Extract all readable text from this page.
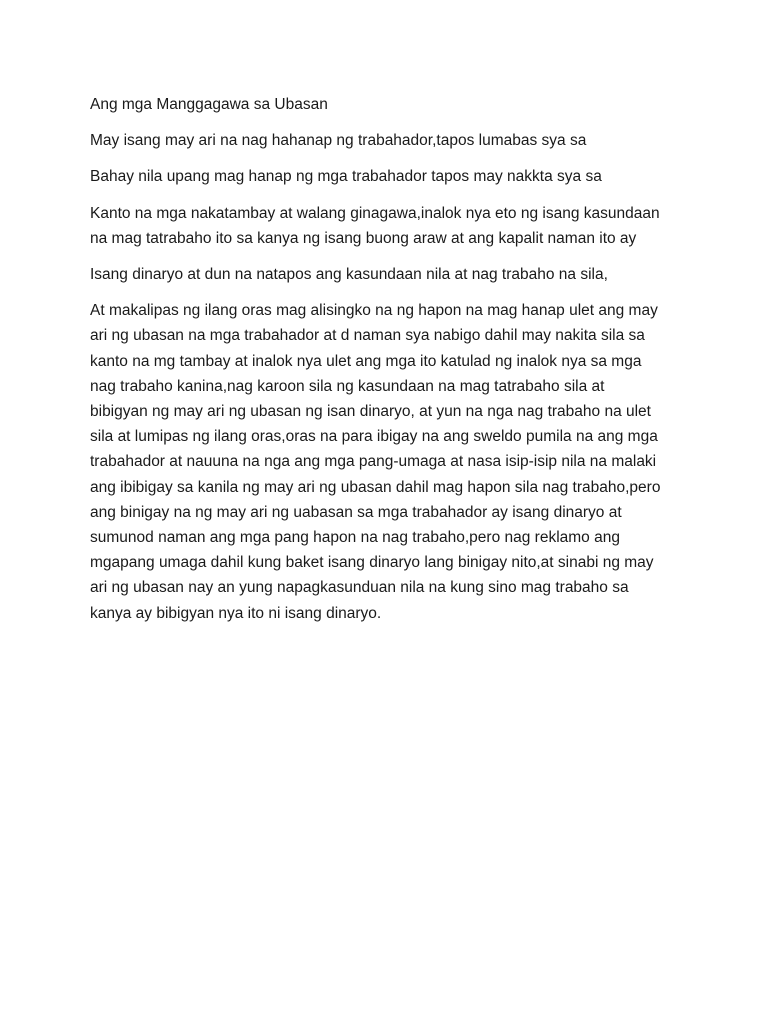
Ang mga Manggagawa sa Ubasan

May isang may ari na nag hahanap ng trabahador,tapos lumabas sya sa

Bahay nila upang mag hanap ng mga trabahador tapos may nakkta sya sa

Kanto na mga nakatambay at walang ginagawa,inalok nya eto ng isang kasundaan
na mag tatrabaho ito sa kanya ng isang buong araw at ang kapalit naman ito ay

Isang dinaryo at dun na natapos ang kasundaan nila at nag trabaho na sila,

At makalipas ng ilang oras mag alisingko na ng hapon na mag hanap ulet ang may
ari ng ubasan na mga trabahador at d naman sya nabigo dahil may nakita sila sa
kanto na mg tambay at inalok nya ulet ang mga ito katulad ng inalok nya sa mga
nag trabaho kanina,nag karoon sila ng kasundaan na mag tatrabaho sila at
bibigyan ng may ari ng ubasan ng isan dinaryo, at yun na nga nag trabaho na ulet
sila at lumipas ng ilang oras,oras na para ibigay na ang sweldo pumila na ang mga
trabahador at nauuna na nga ang mga pang-umaga at nasa isip-isip nila na malaki
ang ibibigay sa kanila ng may ari ng ubasan dahil mag hapon sila nag trabaho,pero
ang binigay na ng may ari ng uabasan sa mga trabahador ay isang dinaryo at
sumunod naman ang mga pang hapon na nag trabaho,pero nag reklamo ang
mgapang umaga dahil kung baket isang dinaryo lang binigay nito,at sinabi ng may
ari ng ubasan nay an yung napagkasunduan nila na kung sino mag trabaho sa
kanya ay bibigyan nya ito ni isang dinaryo.
